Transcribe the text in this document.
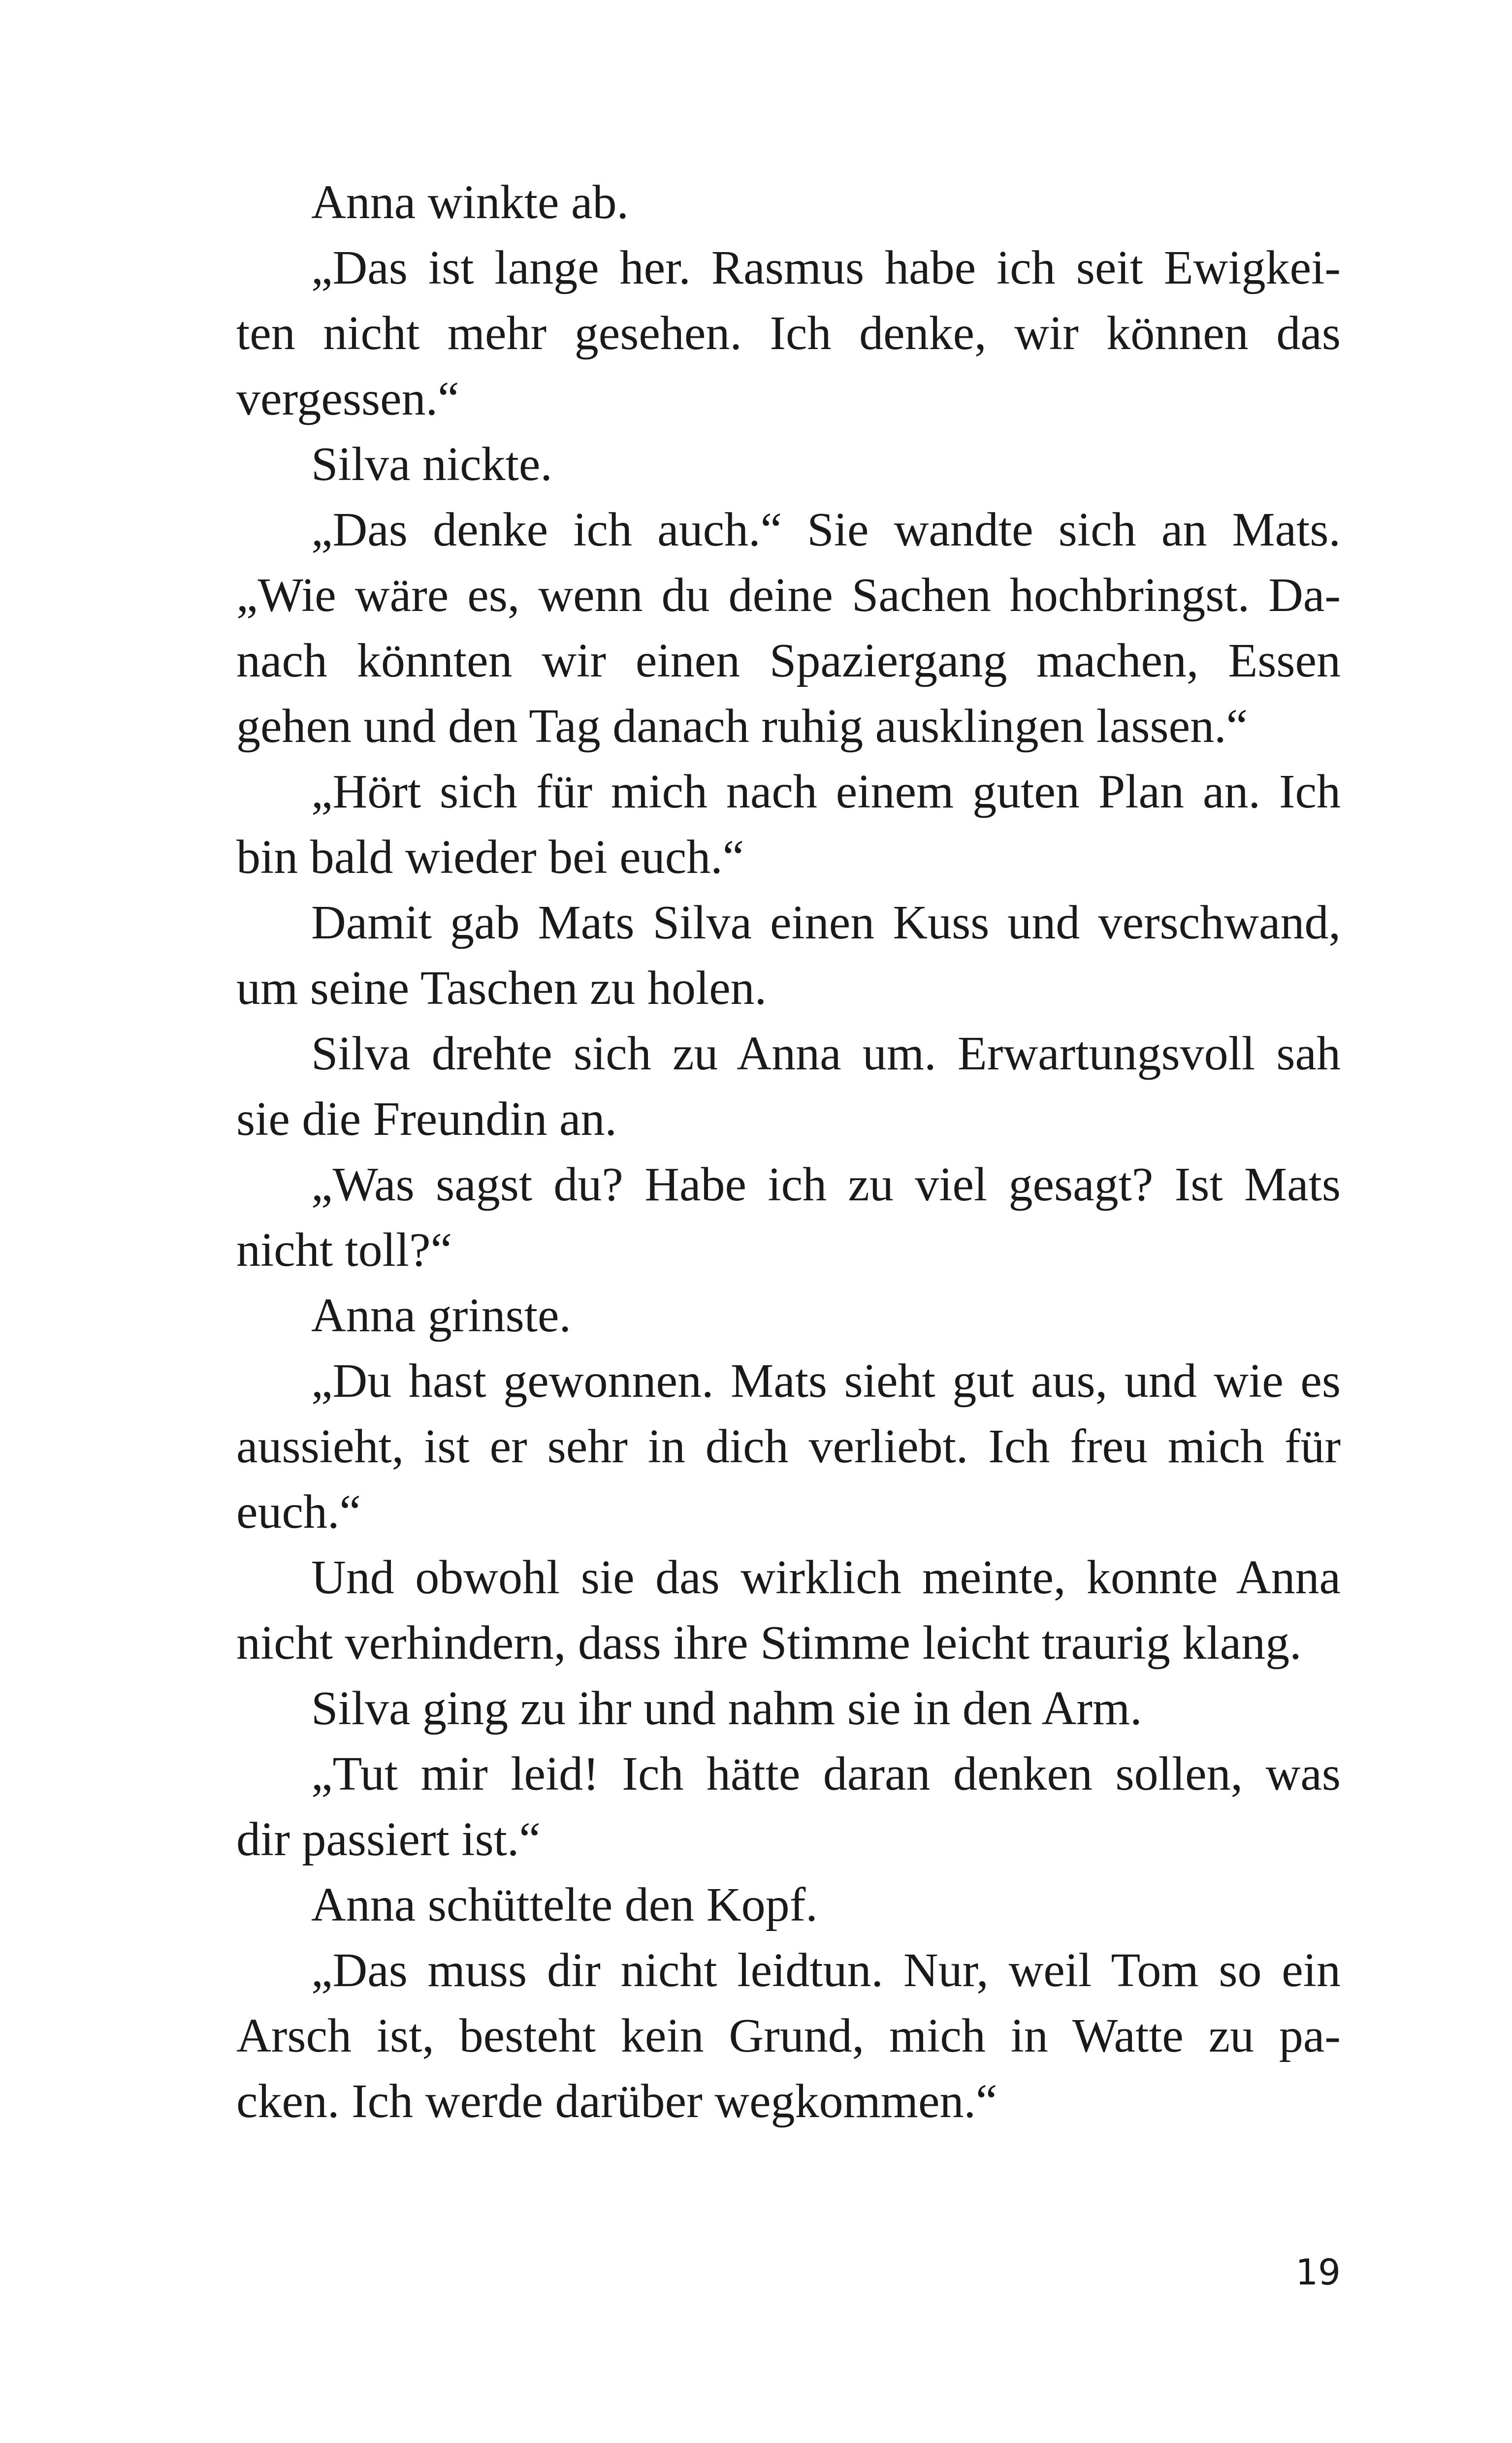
Anna winkte ab.
„Das ist lange her. Rasmus habe ich seit Ewigkei-
ten nicht mehr gesehen. Ich denke, wir können das
vergessen.“
Silva nickte.
„Das denke ich auch.“ Sie wandte sich an Mats.
„Wie wäre es, wenn du deine Sachen hochbringst. Da-
nach könnten wir einen Spaziergang machen, Essen
gehen und den Tag danach ruhig ausklingen lassen.“
„Hört sich für mich nach einem guten Plan an. Ich
bin bald wieder bei euch.“
Damit gab Mats Silva einen Kuss und verschwand,
um seine Taschen zu holen.
Silva drehte sich zu Anna um. Erwartungsvoll sah
sie die Freundin an.
„Was sagst du? Habe ich zu viel gesagt? Ist Mats
nicht toll?“
Anna grinste.
„Du hast gewonnen. Mats sieht gut aus, und wie es
aussieht, ist er sehr in dich verliebt. Ich freu mich für
euch.“
Und obwohl sie das wirklich meinte, konnte Anna
nicht verhindern, dass ihre Stimme leicht traurig klang.
Silva ging zu ihr und nahm sie in den Arm.
„Tut mir leid! Ich hätte daran denken sollen, was
dir passiert ist.“
Anna schüttelte den Kopf.
„Das muss dir nicht leidtun. Nur, weil Tom so ein
Arsch ist, besteht kein Grund, mich in Watte zu pa-
cken. Ich werde darüber wegkommen.“
19
